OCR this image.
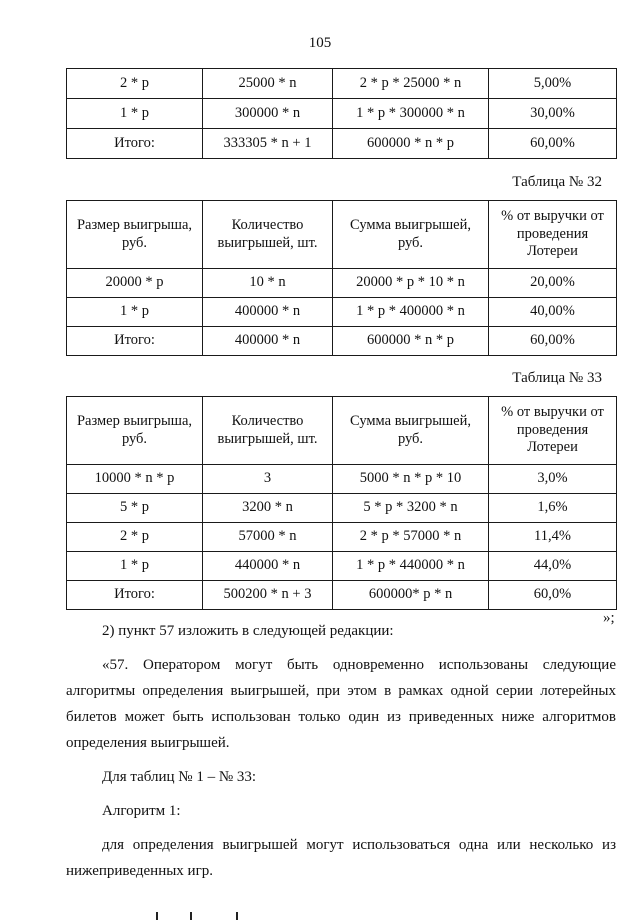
105
2 * p	25000 * n	2 * p * 25000 * n	5,00%
1 * p	300000 * n	1 * p * 300000 * n	30,00%
Итого:	333305 * n + 1	600000 * n * p	60,00%
Таблица № 32
Размер выигрыша, руб.	Количество выигрышей, шт.	Сумма выигрышей, руб.	% от выручки от проведения Лотереи
20000 * p	10 * n	20000 * p * 10 * n	20,00%
1 * p	400000 * n	1 * p * 400000 * n	40,00%
Итого:	400000 * n	600000 * n * p	60,00%
Таблица № 33
Размер выигрыша, руб.	Количество выигрышей, шт.	Сумма выигрышей, руб.	% от выручки от проведения Лотереи
10000 * n * p	3	5000 * n * p * 10	3,0%
5 * p	3200 * n	5 * p * 3200 * n	1,6%
2 * p	57000 * n	2 * p * 57000 * n	11,4%
1 * p	440000 * n	1 * p * 440000 * n	44,0%
Итого:	500200 * n + 3	600000* p * n	60,0%
»;

2) пункт 57 изложить в следующей редакции:

«57. Оператором могут быть одновременно использованы следующие алгоритмы определения выигрышей, при этом в рамках одной серии лотерейных билетов может быть использован только один из приведенных ниже алгоритмов определения выигрышей.

Для таблиц № 1 – № 33:

Алгоритм 1:

для определения выигрышей могут использоваться одна или несколько из нижеприведенных игр.
